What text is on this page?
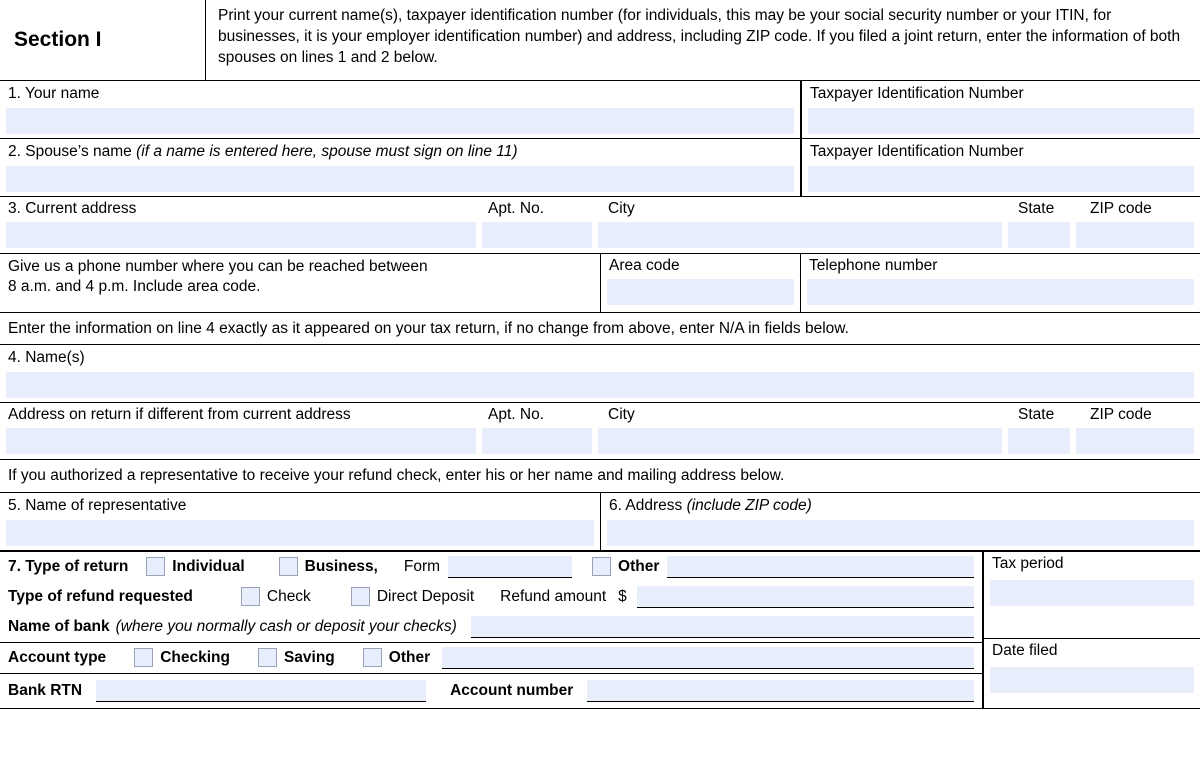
Section I
Print your current name(s), taxpayer identification number (for individuals, this may be your social security number or your ITIN, for businesses, it is your employer identification number) and address, including ZIP code. If you filed a joint return, enter the information of both spouses on lines 1 and 2 below.
1. Your name	Taxpayer Identification Number
2. Spouse’s name (if a name is entered here, spouse must sign on line 11)	Taxpayer Identification Number
3. Current address	Apt. No.	City	State	ZIP code
Give us a phone number where you can be reached between
8 a.m. and 4 p.m. Include area code.
Area code	Telephone number
Enter the information on line 4 exactly as it appeared on your tax return, if no change from above, enter N/A in fields below.
4. Name(s)
Address on return if different from current address	Apt. No.	City	State	ZIP code
If you authorized a representative to receive your refund check, enter his or her name and mailing address below.
5. Name of representative	6. Address (include ZIP code)
7. Type of return	Individual	Business, Form	Other
Type of refund requested	Check	Direct Deposit Refund amount $
Name of bank (where you normally cash or deposit your checks)
Account type	Checking	Saving	Other
Bank RTN	Account number
Tax period
Date filed
